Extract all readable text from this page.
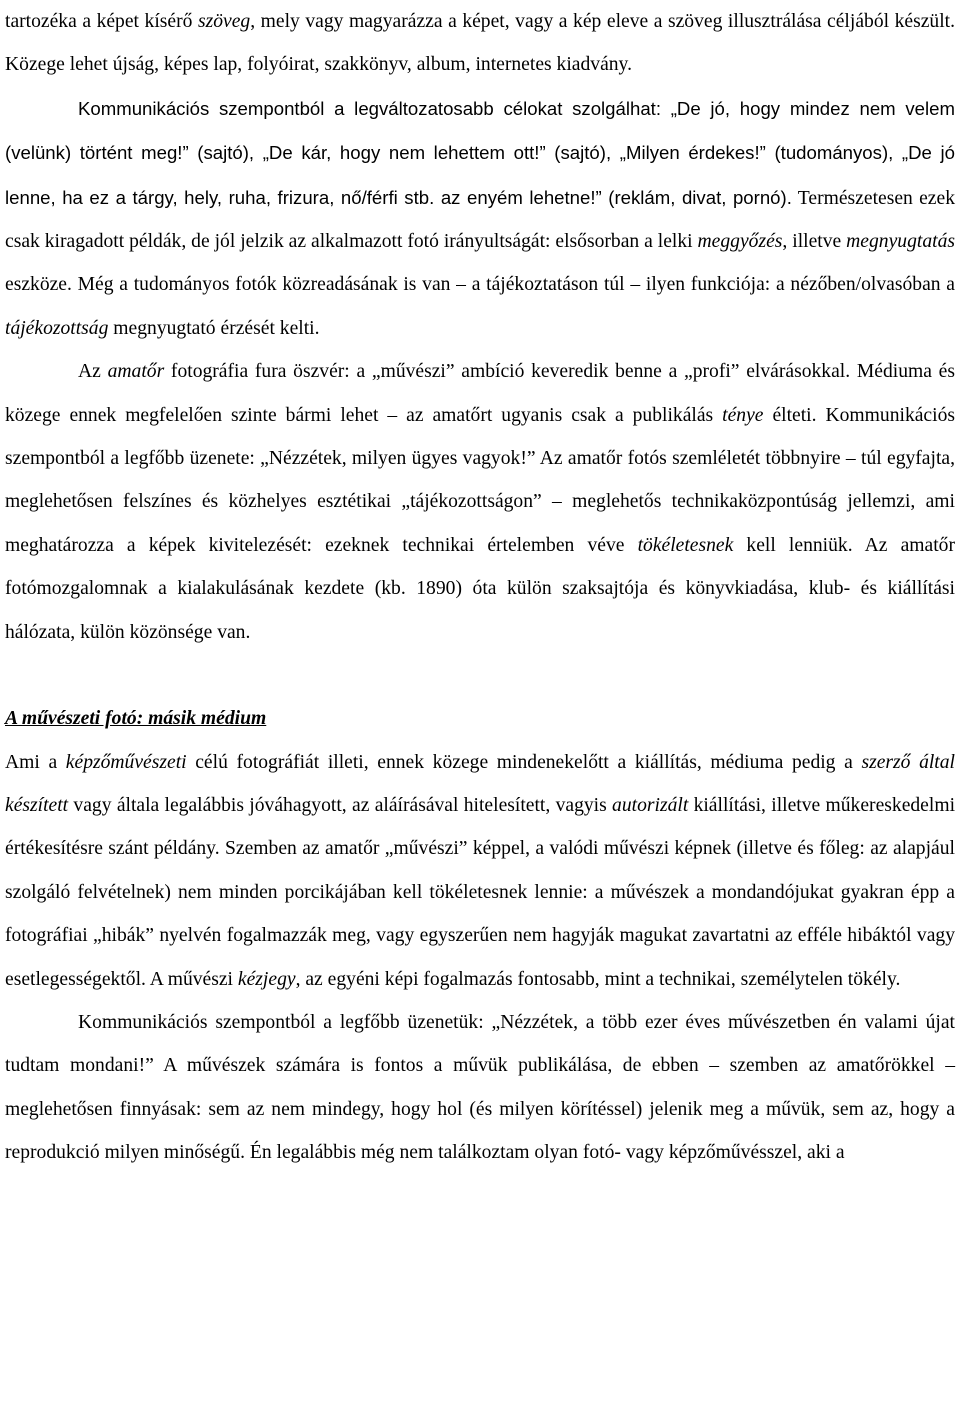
tartozéka a képet kísérő szöveg, mely vagy magyarázza a képet, vagy a kép eleve a szöveg illusztrálása céljából készült. Közege lehet újság, képes lap, folyóirat, szakkönyv, album, internetes kiadvány.

Kommunikációs szempontból a legváltozatosabb célokat szolgálhat: „De jó, hogy mindez nem velem (velünk) történt meg!” (sajtó), „De kár, hogy nem lehettem ott!” (sajtó), „Milyen érdekes!” (tudományos), „De jó lenne, ha ez a tárgy, hely, ruha, frizura, nő/férfi stb. az enyém lehetne!” (reklám, divat, pornó). Természetesen ezek csak kiragadott példák, de jól jelzik az alkalmazott fotó irányultságát: elsősorban a lelki meggyőzés, illetve megnyugtatás eszköze. Még a tudományos fotók közreadásának is van – a tájékoztatáson túl – ilyen funkciója: a nézőben/olvasóban a tájékozottság megnyugtató érzését kelti.

Az amatőr fotográfia fura öszvér: a „művészi” ambíció keveredik benne a „profi” elvárásokkal. Médiuma és közege ennek megfelelően szinte bármi lehet – az amatőrt ugyanis csak a publikálás ténye élteti. Kommunikációs szempontból a legfőbb üzenete: „Nézzétek, milyen ügyes vagyok!” Az amatőr fotós szemléletét többnyire – túl egyfajta, meglehetősen felszínes és közhelyes esztétikai „tájékozottságon” – meglehetős technikaközpontúság jellemzi, ami meghatározza a képek kivitelezését: ezeknek technikai értelemben véve tökéletesnek kell lenniük. Az amatőr fotómozgalomnak a kialakulásának kezdete (kb. 1890) óta külön szaksajtója és könyvkiadása, klub- és kiállítási hálózata, külön közönsége van.

A művészeti fotó: másik médium

Ami a képzőművészeti célú fotográfiát illeti, ennek közege mindenekelőtt a kiállítás, médiuma pedig a szerző által készített vagy általa legalábbis jóváhagyott, az aláírásával hitelesített, vagyis autorizált kiállítási, illetve műkereskedelmi értékesítésre szánt példány. Szemben az amatőr „művészi” képpel, a valódi művészi képnek (illetve és főleg: az alapjául szolgáló felvételnek) nem minden porcikájában kell tökéletesnek lennie: a művészek a mondandójukat gyakran épp a fotográfiai „hibák” nyelvén fogalmazzák meg, vagy egyszerűen nem hagyják magukat zavartatni az efféle hibáktól vagy esetlegességektől. A művészi kézjegy, az egyéni képi fogalmazás fontosabb, mint a technikai, személytelen tökély.

Kommunikációs szempontból a legfőbb üzenetük: „Nézzétek, a több ezer éves művészetben én valami újat tudtam mondani!” A művészek számára is fontos a művük publikálása, de ebben – szemben az amatőrökkel – meglehetősen finnyásak: sem az nem mindegy, hogy hol (és milyen körítéssel) jelenik meg a művük, sem az, hogy a reprodukció milyen minőségű. Én legalábbis még nem találkoztam olyan fotó- vagy képzőművésszel, aki a
